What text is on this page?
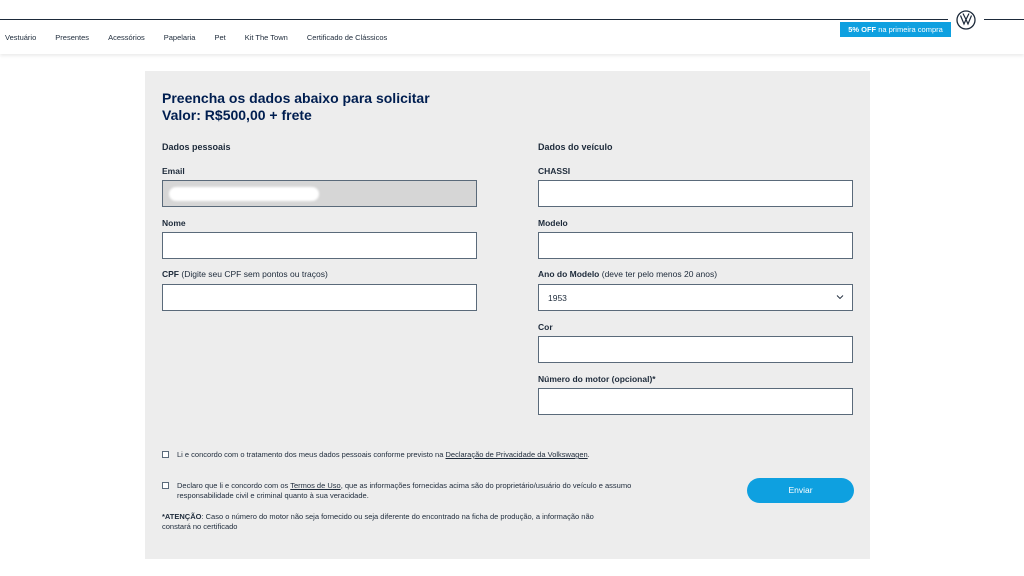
Vestuário	Presentes	Acessórios	Papelaria	Pet	Kit The Town	Certificado de Clássicos
5% OFF na primeira compra
Preencha os dados abaixo para solicitar
Valor: R$500,00 + frete
Dados pessoais
Email
Nome
CPF (Digite seu CPF sem pontos ou traços)
Dados do veículo
CHASSI
Modelo
Ano do Modelo (deve ter pelo menos 20 anos)
1953
Cor
Número do motor (opcional)*
Li e concordo com o tratamento dos meus dados pessoais conforme previsto na Declaração de Privacidade da Volkswagen.
Declaro que li e concordo com os Termos de Uso, que as informações fornecidas acima são do proprietário/usuário do veículo e assumo responsabilidade civil e criminal quanto à sua veracidade.
*ATENÇÃO: Caso o número do motor não seja fornecido ou seja diferente do encontrado na ficha de produção, a informação não constará no certificado
Enviar
